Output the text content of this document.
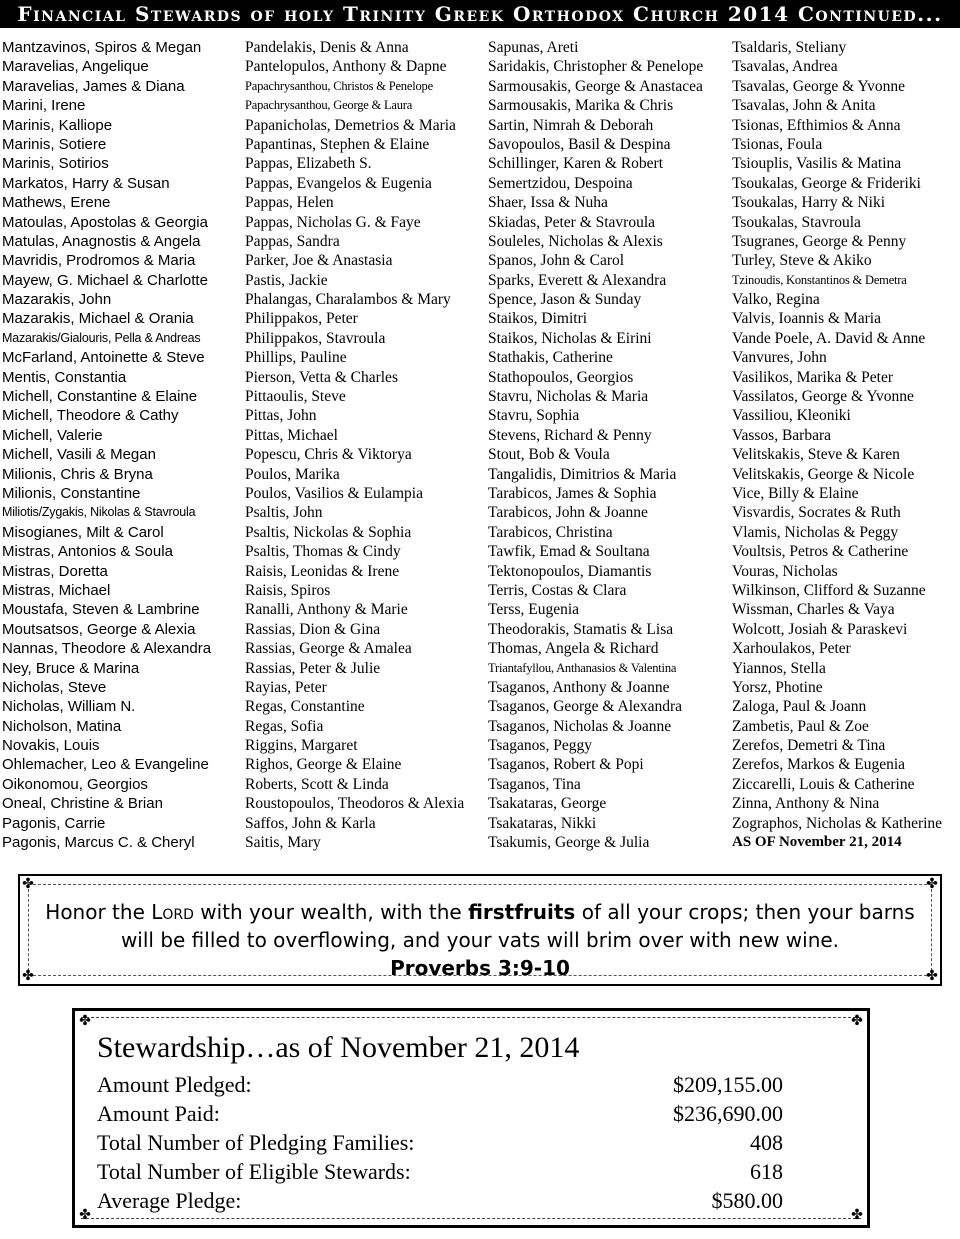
Financial Stewards of holy Trinity Greek Orthodox Church 2014 Continued...
Mantzavinos, Spiros & Megan
Maravelias, Angelique
Maravelias, James & Diana
Marini, Irene
Marinis, Kalliope
Marinis, Sotiere
Marinis, Sotirios
Markatos, Harry & Susan
Mathews, Erene
Matoulas, Apostolas & Georgia
Matulas, Anagnostis & Angela
Mavridis, Prodromos & Maria
Mayew, G. Michael & Charlotte
Mazarakis, John
Mazarakis, Michael & Orania
Mazarakis/Gialouris, Pella & Andreas
McFarland, Antoinette & Steve
Mentis, Constantia
Michell, Constantine & Elaine
Michell, Theodore & Cathy
Michell, Valerie
Michell, Vasili & Megan
Milionis, Chris & Bryna
Milionis, Constantine
Miliotis/Zygakis, Nikolas & Stavroula
Misogianes, Milt & Carol
Mistras, Antonios & Soula
Mistras, Doretta
Mistras, Michael
Moustafa, Steven & Lambrine
Moutsatsos, George & Alexia
Nannas, Theodore & Alexandra
Ney, Bruce & Marina
Nicholas, Steve
Nicholas, William N.
Nicholson, Matina
Novakis, Louis
Ohlemacher, Leo & Evangeline
Oikonomou, Georgios
Oneal, Christine & Brian
Pagonis, Carrie
Pagonis, Marcus C. & Cheryl
Pandelakis, Denis & Anna
Pantelopulos, Anthony & Dapne
Papachrysanthou, Christos & Penelope
Papachrysanthou, George & Laura
Papanicholas, Demetrios & Maria
Papantinas, Stephen & Elaine
Pappas, Elizabeth S.
Pappas, Evangelos & Eugenia
Pappas, Helen
Pappas, Nicholas G. & Faye
Pappas, Sandra
Parker, Joe & Anastasia
Pastis, Jackie
Phalangas, Charalambos & Mary
Philippakos, Peter
Philippakos, Stavroula
Phillips, Pauline
Pierson, Vetta & Charles
Pittaoulis, Steve
Pittas, John
Pittas, Michael
Popescu, Chris & Viktorya
Poulos, Marika
Poulos, Vasilios & Eulampia
Psaltis, John
Psaltis, Nickolas & Sophia
Psaltis, Thomas & Cindy
Raisis, Leonidas & Irene
Raisis, Spiros
Ranalli, Anthony & Marie
Rassias, Dion & Gina
Rassias, George & Amalea
Rassias, Peter & Julie
Rayias, Peter
Regas, Constantine
Regas, Sofia
Riggins, Margaret
Righos, George & Elaine
Roberts, Scott & Linda
Roustopoulos, Theodoros & Alexia
Saffos, John & Karla
Saitis, Mary
Sapunas, Areti
Saridakis, Christopher & Penelope
Sarmousakis, George & Anastacea
Sarmousakis, Marika & Chris
Sartin, Nimrah & Deborah
Savopoulos, Basil & Despina
Schillinger, Karen & Robert
Semertzidou, Despoina
Shaer, Issa & Nuha
Skiadas, Peter & Stavroula
Souleles, Nicholas & Alexis
Spanos, John & Carol
Sparks, Everett & Alexandra
Spence, Jason & Sunday
Staikos, Dimitri
Staikos, Nicholas & Eirini
Stathakis, Catherine
Stathopoulos, Georgios
Stavru, Nicholas & Maria
Stavru, Sophia
Stevens, Richard & Penny
Stout, Bob & Voula
Tangalidis, Dimitrios & Maria
Tarabicos, James & Sophia
Tarabicos, John & Joanne
Tarabicos, Christina
Tawfik, Emad & Soultana
Tektonopoulos, Diamantis
Terris, Costas & Clara
Terss, Eugenia
Theodorakis, Stamatis & Lisa
Thomas, Angela & Richard
Triantafyllou, Anthanasios & Valentina
Tsaganos, Anthony & Joanne
Tsaganos, George & Alexandra
Tsaganos, Nicholas & Joanne
Tsaganos, Peggy
Tsaganos, Robert & Popi
Tsaganos, Tina
Tsakataras, George
Tsakataras, Nikki
Tsakumis, George & Julia
Tsaldaris, Steliany
Tsavalas, Andrea
Tsavalas, George & Yvonne
Tsavalas, John & Anita
Tsionas, Efthimios & Anna
Tsionas, Foula
Tsiouplis, Vasilis & Matina
Tsoukalas, George & Frideriki
Tsoukalas, Harry & Niki
Tsoukalas, Stavroula
Tsugranes, George & Penny
Turley, Steve & Akiko
Tzinoudis, Konstantinos & Demetra
Valko, Regina
Valvis, Ioannis & Maria
Vande Poele, A. David & Anne
Vanvures, John
Vasilikos, Marika & Peter
Vassilatos, George & Yvonne
Vassiliou, Kleoniki
Vassos, Barbara
Velitskakis, Steve & Karen
Velitskakis, George & Nicole
Vice, Billy & Elaine
Visvardis, Socrates & Ruth
Vlamis, Nicholas & Peggy
Voultsis, Petros & Catherine
Vouras, Nicholas
Wilkinson, Clifford & Suzanne
Wissman, Charles & Vaya
Wolcott, Josiah & Paraskevi
Xarhoulakos, Peter
Yiannos, Stella
Yorsz, Photine
Zaloga, Paul & Joann
Zambetis, Paul & Zoe
Zerefos, Demetri & Tina
Zerefos, Markos & Eugenia
Ziccarelli, Louis & Catherine
Zinna, Anthony & Nina
Zographos, Nicholas & Katherine
AS OF November 21, 2014
✤	✤
✤	✤
Honor the Lord with your wealth, with the firstfruits of all your crops; then your barns will be filled to overflowing, and your vats will brim over with new wine.
Proverbs 3:9-10
✤	✤
✤	✤
Stewardship…as of November 21, 2014
Amount Pledged:	$209,155.00
Amount Paid:	$236,690.00
Total Number of Pledging Families:	408
Total Number of Eligible Stewards:	618
Average Pledge:	$580.00
